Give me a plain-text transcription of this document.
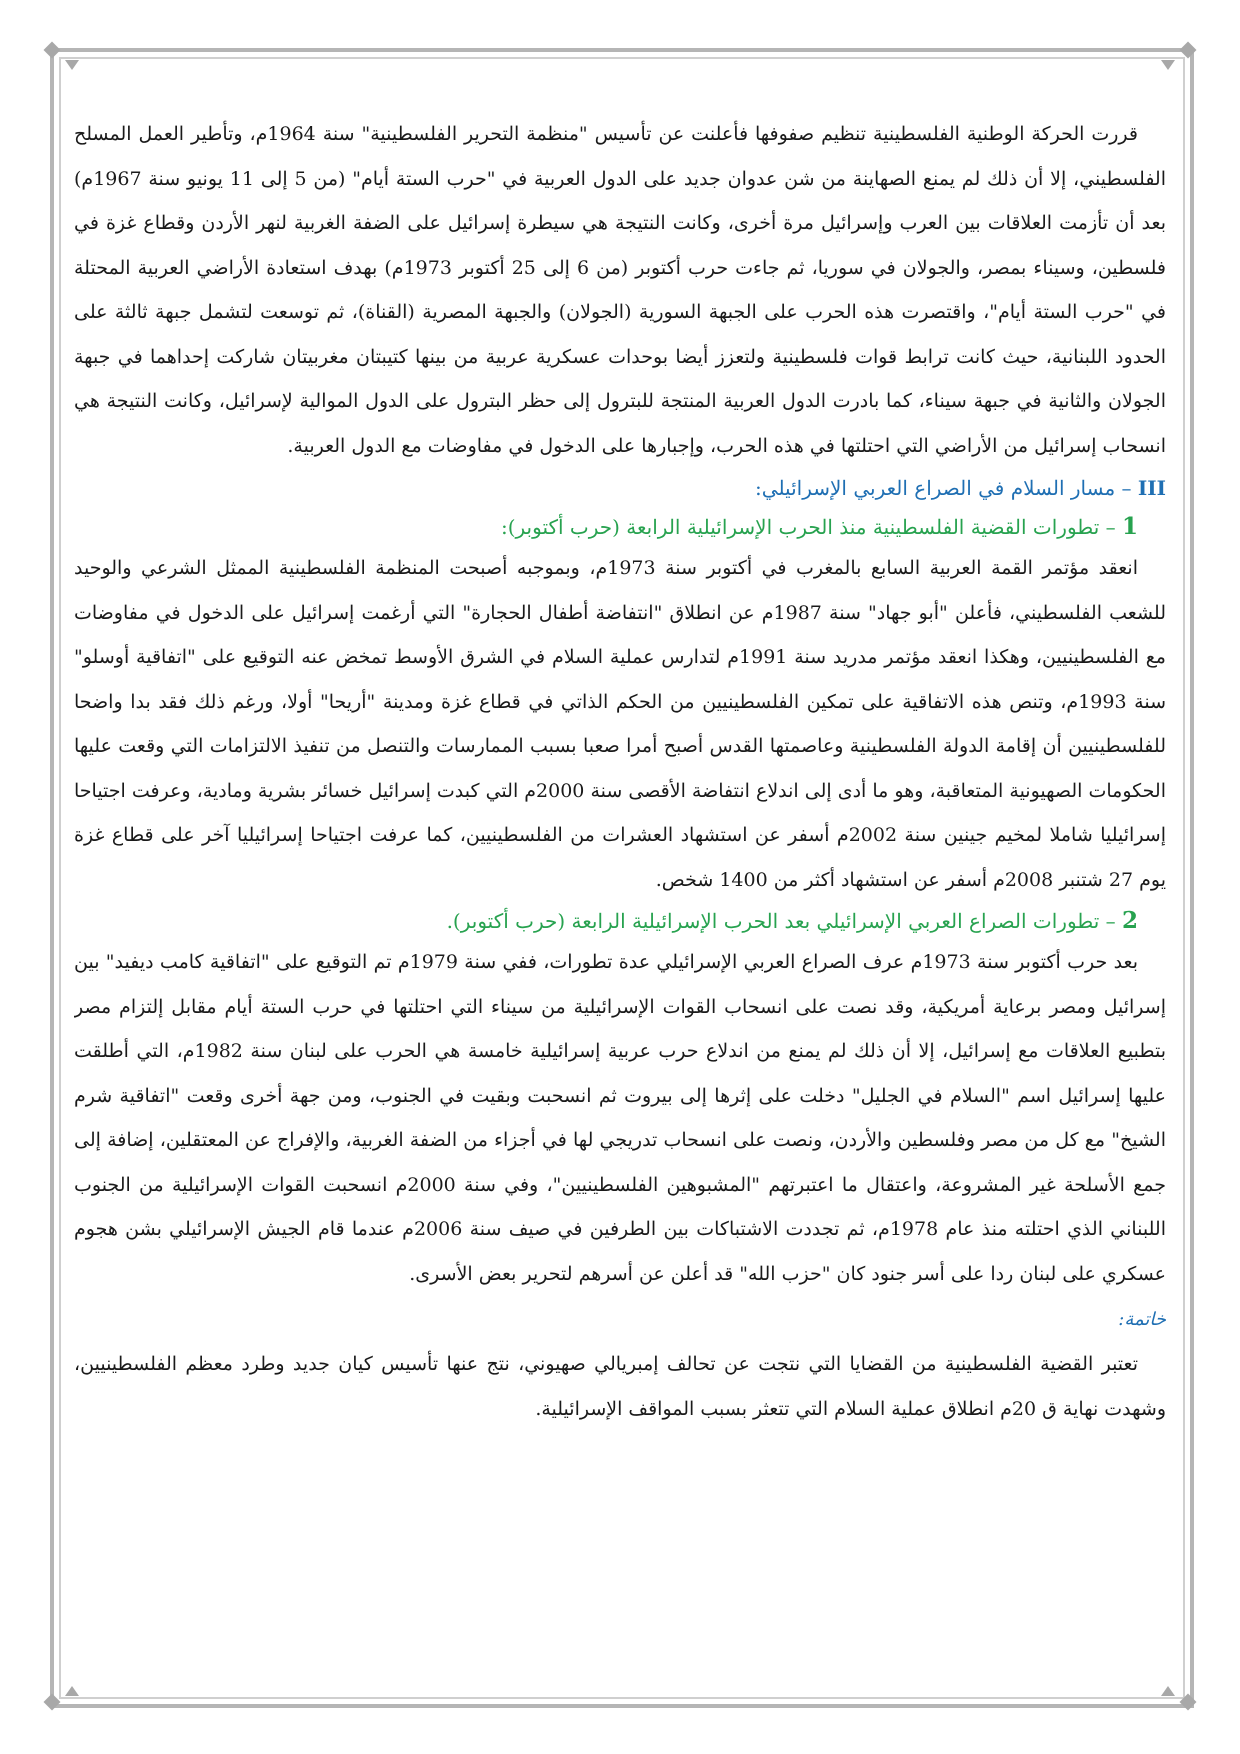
قررت الحركة الوطنية الفلسطينية تنظيم صفوفها فأعلنت عن تأسيس "منظمة التحرير الفلسطينية" سنة 1964م، وتأطير العمل المسلح الفلسطيني، إلا أن ذلك لم يمنع الصهاينة من شن عدوان جديد على الدول العربية في "حرب الستة أيام" (من 5 إلى 11 يونيو سنة 1967م) بعد أن تأزمت العلاقات بين العرب وإسرائيل مرة أخرى، وكانت النتيجة هي سيطرة إسرائيل على الضفة الغربية لنهر الأردن وقطاع غزة في فلسطين، وسيناء بمصر، والجولان في سوريا، ثم جاءت حرب أكتوبر (من 6 إلى 25 أكتوبر 1973م) بهدف استعادة الأراضي العربية المحتلة في "حرب الستة أيام"، واقتصرت هذه الحرب على الجبهة السورية (الجولان) والجبهة المصرية (القناة)، ثم توسعت لتشمل جبهة ثالثة على الحدود اللبنانية، حيث كانت ترابط قوات فلسطينية ولتعزز أيضا بوحدات عسكرية عربية من بينها كتيبتان مغربيتان شاركت إحداهما في جبهة الجولان والثانية في جبهة سيناء، كما بادرت الدول العربية المنتجة للبترول إلى حظر البترول على الدول الموالية لإسرائيل، وكانت النتيجة هي انسحاب إسرائيل من الأراضي التي احتلتها في هذه الحرب، وإجبارها على الدخول في مفاوضات مع الدول العربية.

III – مسار السلام في الصراع العربي الإسرائيلي:
1 – تطورات القضية الفلسطينية منذ الحرب الإسرائيلية الرابعة (حرب أكتوبر):

انعقد مؤتمر القمة العربية السابع بالمغرب في أكتوبر سنة 1973م، وبموجبه أصبحت المنظمة الفلسطينية الممثل الشرعي والوحيد للشعب الفلسطيني، فأعلن "أبو جهاد" سنة 1987م عن انطلاق "انتفاضة أطفال الحجارة" التي أرغمت إسرائيل على الدخول في مفاوضات مع الفلسطينيين، وهكذا انعقد مؤتمر مدريد سنة 1991م لتدارس عملية السلام في الشرق الأوسط تمخض عنه التوقيع على "اتفاقية أوسلو" سنة 1993م، وتنص هذه الاتفاقية على تمكين الفلسطينيين من الحكم الذاتي في قطاع غزة ومدينة "أريحا" أولا، ورغم ذلك فقد بدا واضحا للفلسطينيين أن إقامة الدولة الفلسطينية وعاصمتها القدس أصبح أمرا صعبا بسبب الممارسات والتنصل من تنفيذ الالتزامات التي وقعت عليها الحكومات الصهيونية المتعاقبة، وهو ما أدى إلى اندلاع انتفاضة الأقصى سنة 2000م التي كبدت إسرائيل خسائر بشرية ومادية، وعرفت اجتياحا إسرائيليا شاملا لمخيم جينين سنة 2002م أسفر عن استشهاد العشرات من الفلسطينيين، كما عرفت اجتياحا إسرائيليا آخر على قطاع غزة يوم 27 شتنبر 2008م أسفر عن استشهاد أكثر من 1400 شخص.

2 – تطورات الصراع العربي الإسرائيلي بعد الحرب الإسرائيلية الرابعة (حرب أكتوبر).

بعد حرب أكتوبر سنة 1973م عرف الصراع العربي الإسرائيلي عدة تطورات، ففي سنة 1979م تم التوقيع على "اتفاقية كامب ديفيد" بين إسرائيل ومصر برعاية أمريكية، وقد نصت على انسحاب القوات الإسرائيلية من سيناء التي احتلتها في حرب الستة أيام مقابل إلتزام مصر بتطبيع العلاقات مع إسرائيل، إلا أن ذلك لم يمنع من اندلاع حرب عربية إسرائيلية خامسة هي الحرب على لبنان سنة 1982م، التي أطلقت عليها إسرائيل اسم "السلام في الجليل" دخلت على إثرها إلى بيروت ثم انسحبت وبقيت في الجنوب، ومن جهة أخرى وقعت "اتفاقية شرم الشيخ" مع كل من مصر وفلسطين والأردن، ونصت على انسحاب تدريجي لها في أجزاء من الضفة الغربية، والإفراج عن المعتقلين، إضافة إلى جمع الأسلحة غير المشروعة، واعتقال ما اعتبرتهم "المشبوهين الفلسطينيين"، وفي سنة 2000م انسحبت القوات الإسرائيلية من الجنوب اللبناني الذي احتلته منذ عام 1978م، ثم تجددت الاشتباكات بين الطرفين في صيف سنة 2006م عندما قام الجيش الإسرائيلي بشن هجوم عسكري على لبنان ردا على أسر جنود كان "حزب الله" قد أعلن عن أسرهم لتحرير بعض الأسرى.

خاتمة:

تعتبر القضية الفلسطينية من القضايا التي نتجت عن تحالف إمبريالي صهيوني، نتج عنها تأسيس كيان جديد وطرد معظم الفلسطينيين، وشهدت نهاية ق 20م انطلاق عملية السلام التي تتعثر بسبب المواقف الإسرائيلية.
